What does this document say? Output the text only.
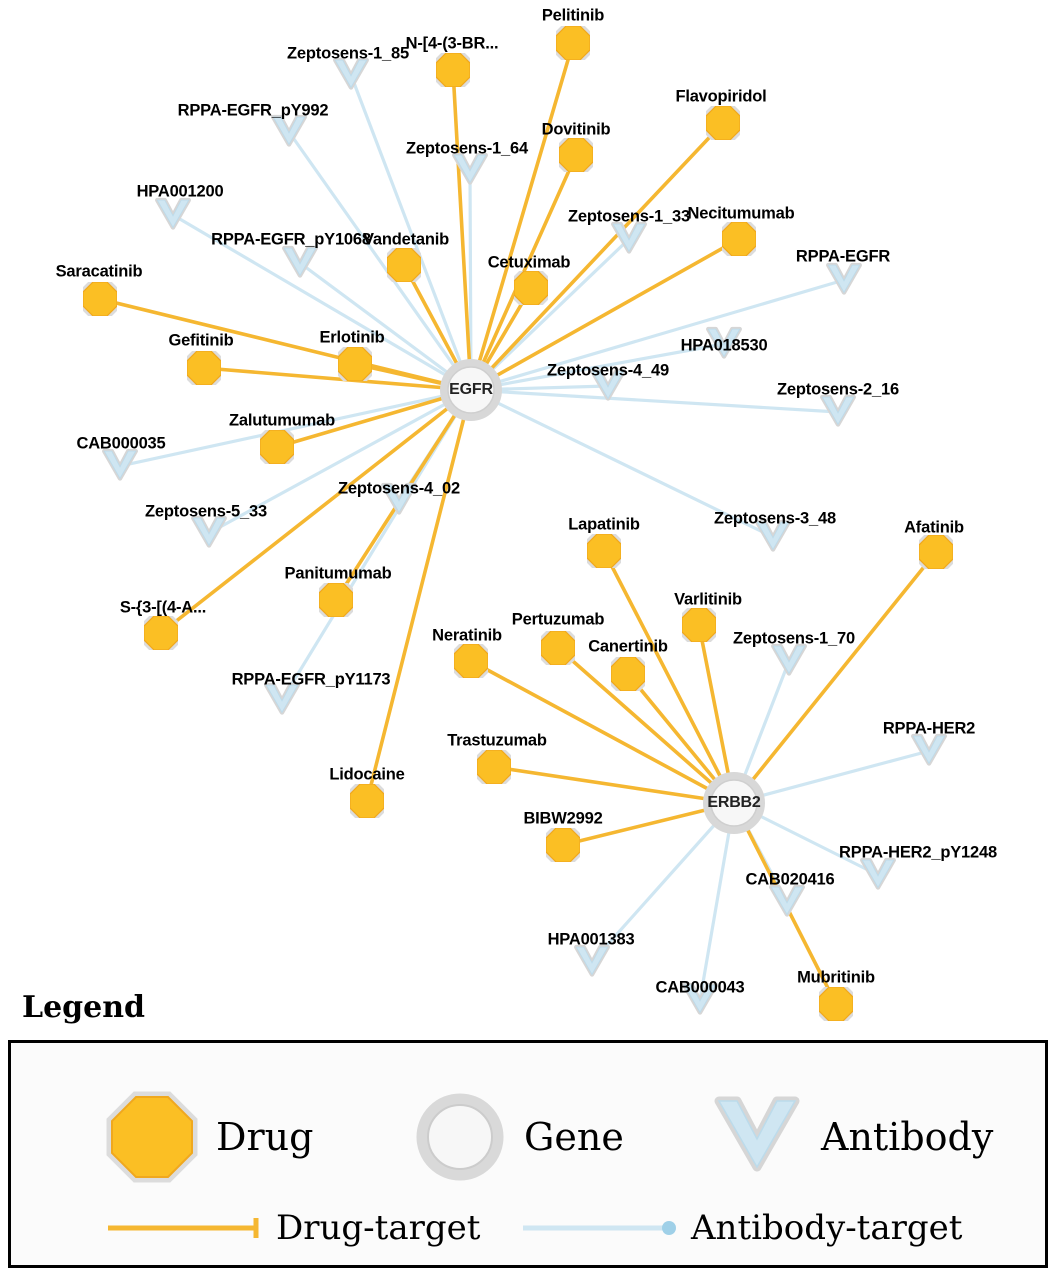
Zeptosens-1_85
RPPA-EGFR_pY992
Zeptosens-1_64
HPA001200
Zeptosens-1_33
RPPA-EGFR_pY1068
RPPA-EGFR
HPA018530
Zeptosens-4_49
Zeptosens-2_16
CAB000035
Zeptosens-4_02
Zeptosens-5_33	Zeptosens-3_48
Zeptosens-1_70
RPPA-EGFR_pY1173
RPPA-HER2
RPPA-HER2_pY1248
CAB020416
HPA001383
CAB000043
Pelitinib
N-[4-(3-BR...
Flavopiridol
Dovitinib
Necitumumab
Vandetanib
Cetuximab
Saracatinib
Gefitinib	Erlotinib
Zalutumumab
Afatinib
Lapatinib
Varlitinib
Panitumumab
S-{3-[(4-A...
Pertuzumab
Neratinib
Canertinib
Trastuzumab
Lidocaine
BIBW2992
Mubritinib
EGFR
ERBB2
Legend
Drug	Gene	Antibody
Drug-target	Antibody-target
